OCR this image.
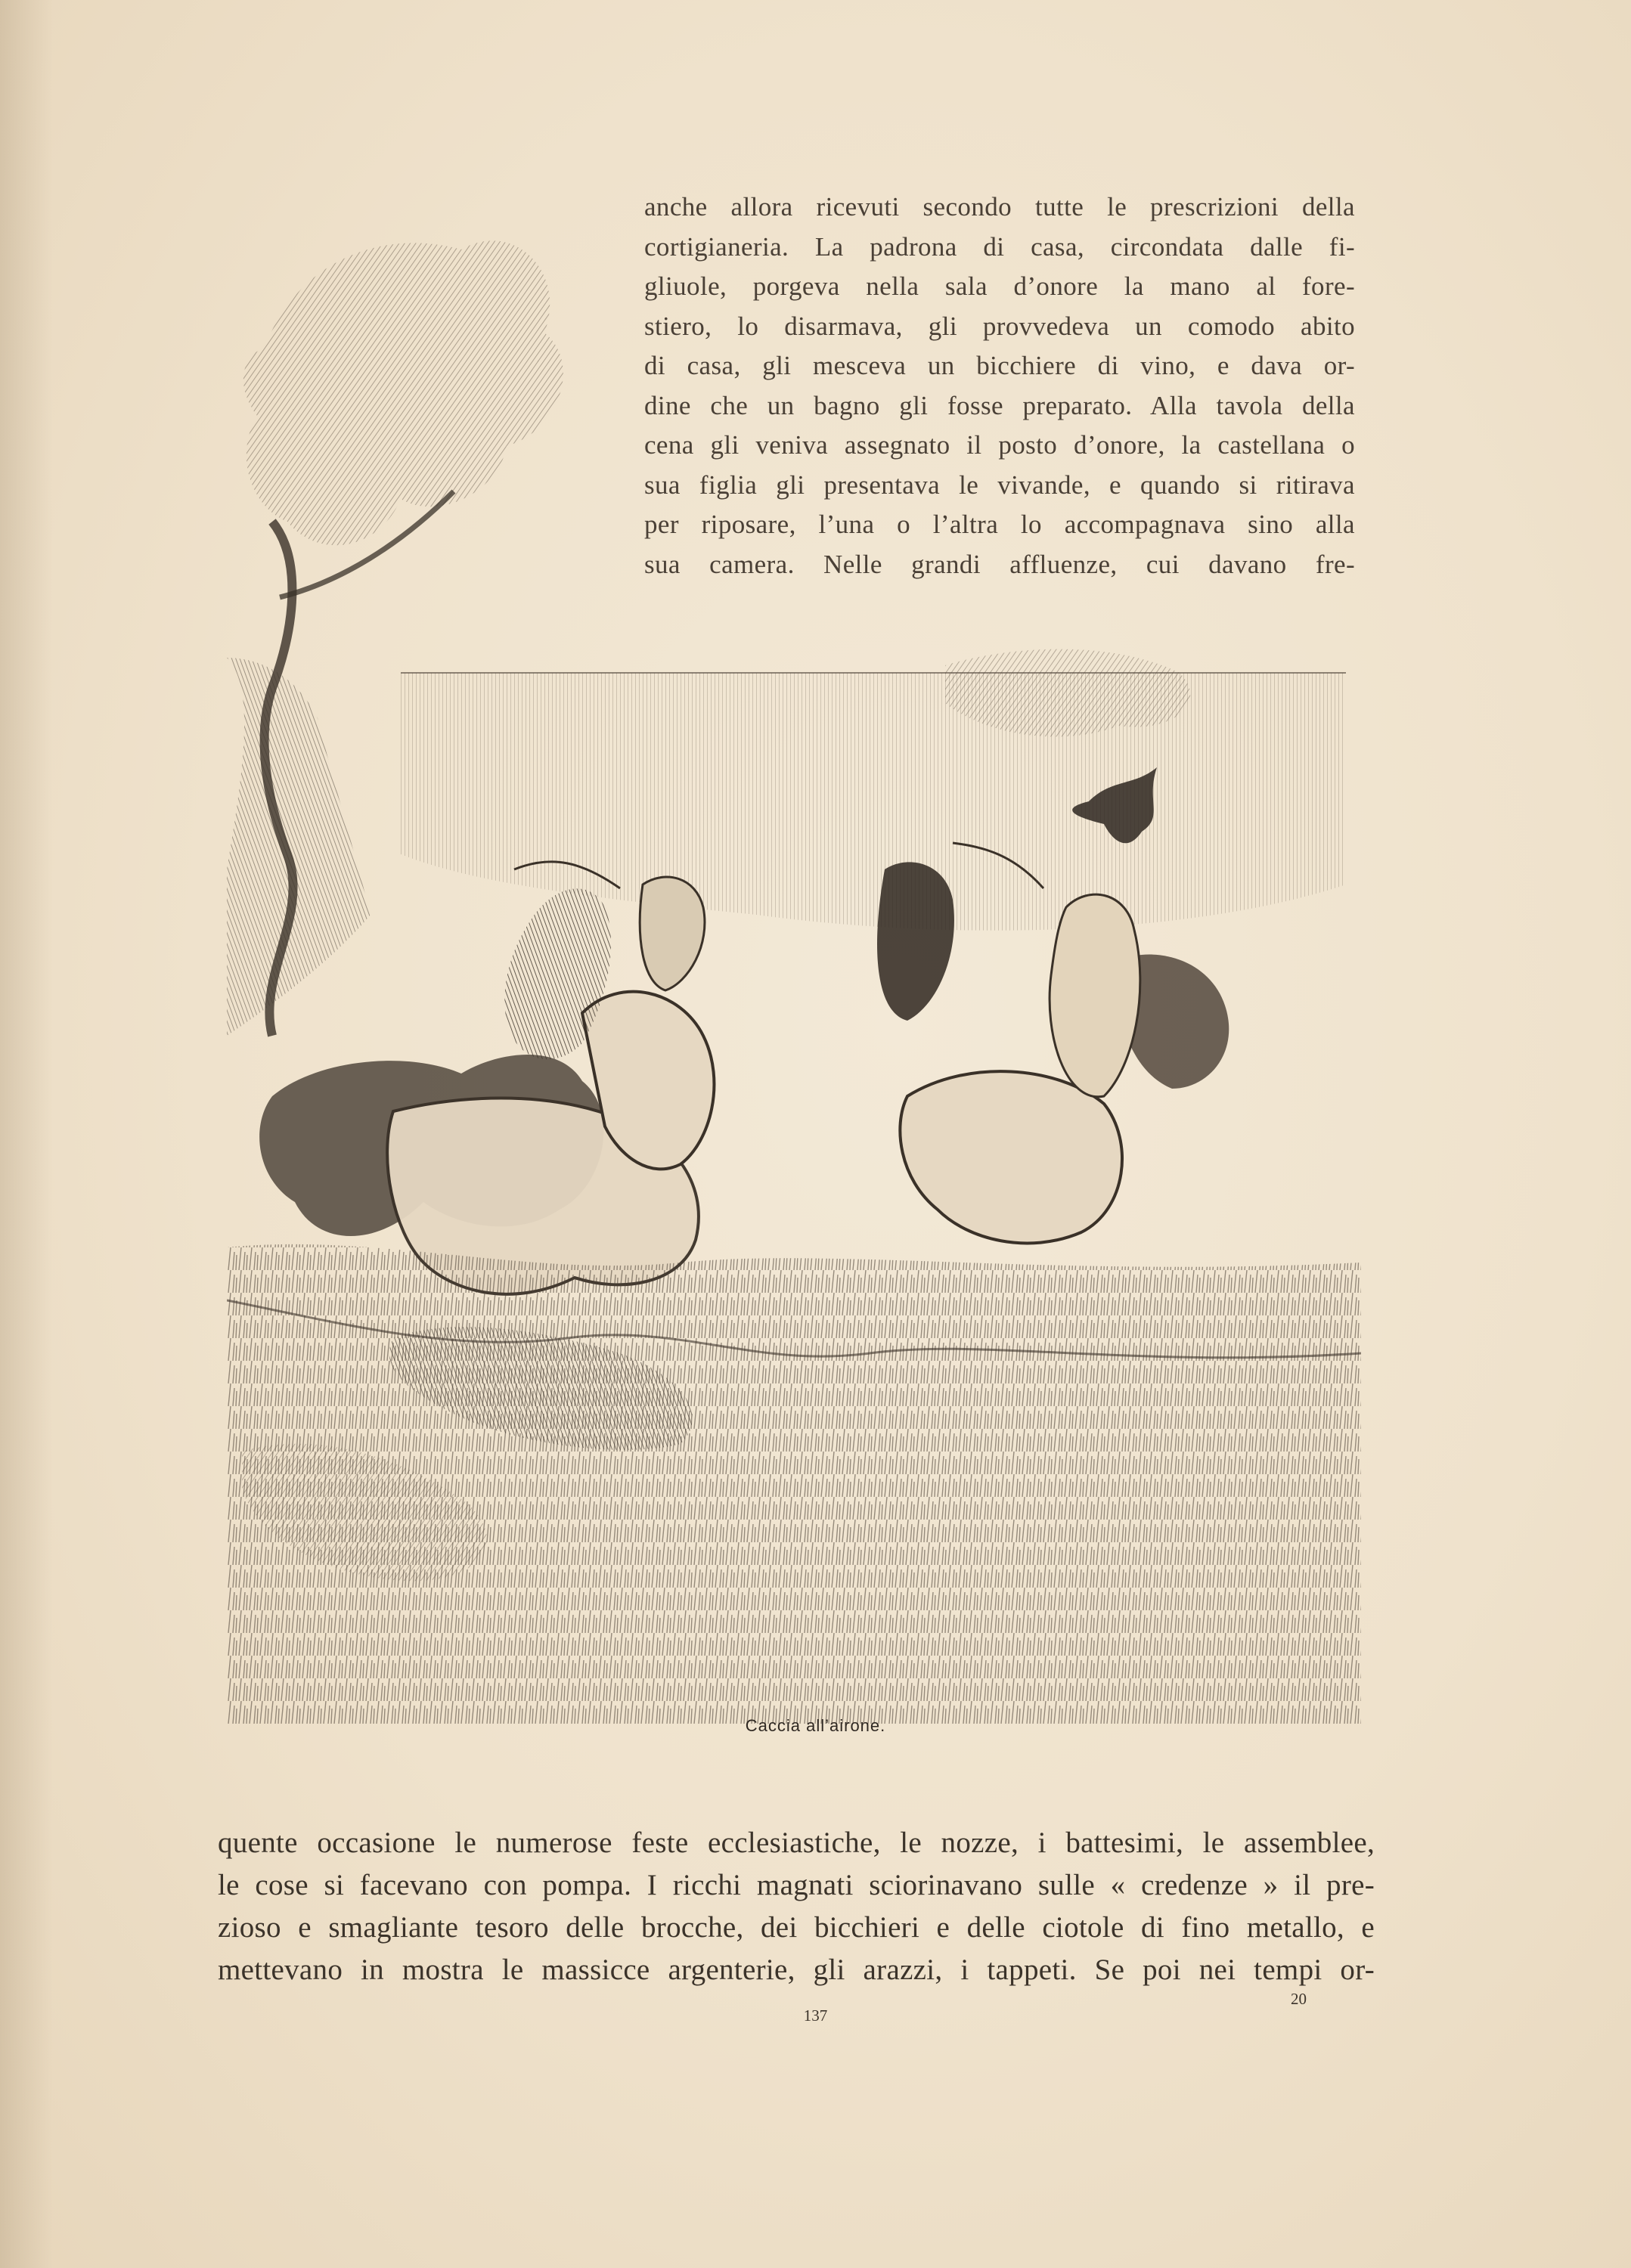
anche allora ricevuti secondo tutte le prescrizioni della
cortigianeria. La padrona di casa, circondata dalle fi-
gliuole, porgeva nella sala d’onore la mano al fore-
stiero, lo disarmava, gli provvedeva un comodo abito
di casa, gli mesceva un bicchiere di vino, e dava or-
dine che un bagno gli fosse preparato. Alla tavola della
cena gli veniva assegnato il posto d’onore, la castellana o
sua figlia gli presentava le vivande, e quando si ritirava
per riposare, l’una o l’altra lo accompagnava sino alla
sua camera. Nelle grandi affluenze, cui davano fre-
Caccia all’airone.
quente occasione le numerose feste ecclesiastiche, le nozze, i battesimi, le assemblee,
le cose si facevano con pompa. I ricchi magnati sciorinavano sulle « credenze » il pre-
zioso e smagliante tesoro delle brocche, dei bicchieri e delle ciotole di fino metallo, e
mettevano in mostra le massicce argenterie, gli arazzi, i tappeti. Se poi nei tempi or-
20
137
